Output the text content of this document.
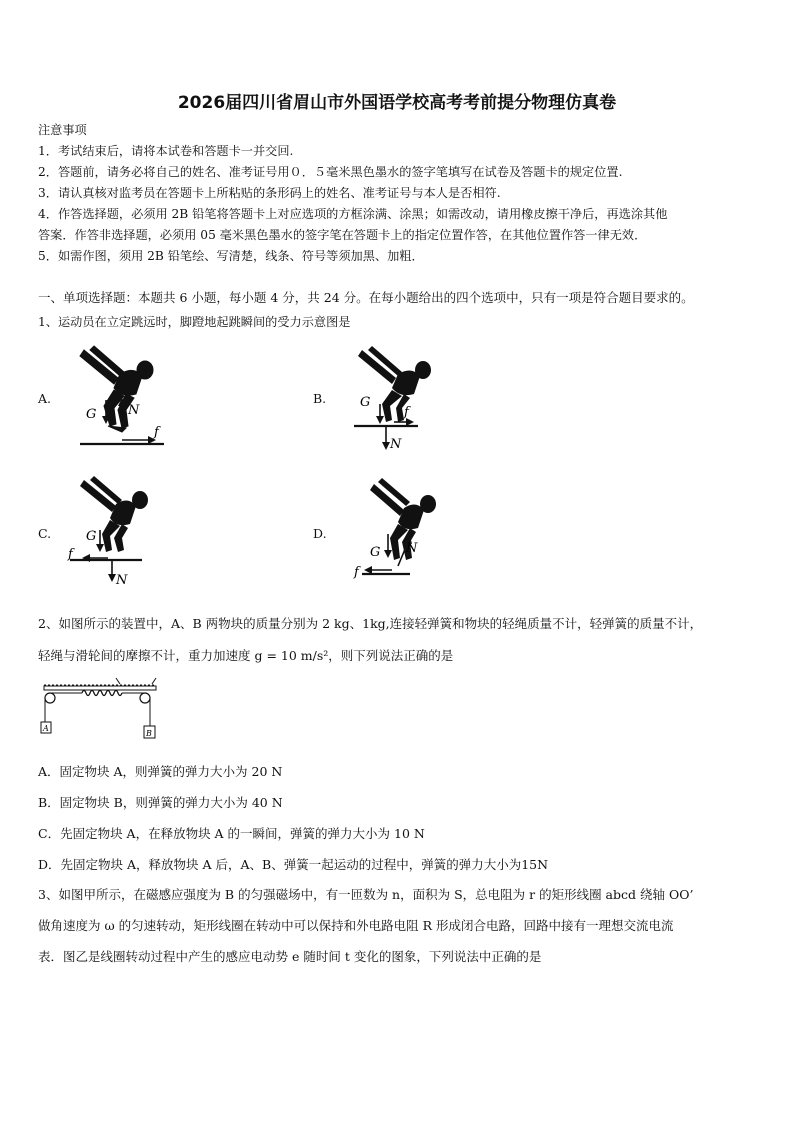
2026届四川省眉山市外国语学校高考考前提分物理仿真卷
注意事项
1．考试结束后，请将本试卷和答题卡一并交回.
2．答题前，请务必将自己的姓名、准考证号用０．５毫米黑色墨水的签字笔填写在试卷及答题卡的规定位置.
3．请认真核对监考员在答题卡上所粘贴的条形码上的姓名、准考证号与本人是否相符.
4．作答选择题，必须用 2B 铅笔将答题卡上对应选项的方框涂满、涂黑；如需改动，请用橡皮擦干净后，再选涂其他
答案．作答非选择题，必须用 05 毫米黑色墨水的签字笔在答题卡上的指定位置作答，在其他位置作答一律无效．
5．如需作图，须用 2B 铅笔绘、写清楚，线条、符号等须加黑、加粗．
一、单项选择题：本题共 6 小题，每小题 4 分，共 24 分。在每小题给出的四个选项中，只有一项是符合题目要求的。
1、运动员在立定跳远时，脚蹬地起跳瞬间的受力示意图是
A.	B.
C.	D.
G N
f
G
N
f
G
N
f	G N
f
2、如图所示的装置中，A、B 两物块的质量分别为 2 kg、1kg,连接轻弹簧和物块的轻绳质量不计，轻弹簧的质量不计，
轻绳与滑轮间的摩擦不计，重力加速度 g = 10 m/s²，则下列说法正确的是
A
B
A．固定物块 A，则弹簧的弹力大小为 20 N
B．固定物块 B，则弹簧的弹力大小为 40 N
C．先固定物块 A，在释放物块 A 的一瞬间，弹簧的弹力大小为 10 N
D．先固定物块 A，释放物块 A 后，A、B、弹簧一起运动的过程中，弹簧的弹力大小为15N
3、如图甲所示，在磁感应强度为 B 的匀强磁场中，有一匝数为 n，面积为 S，总电阻为 r 的矩形线圈 abcd 绕轴 OO’
做角速度为 ω 的匀速转动，矩形线圈在转动中可以保持和外电路电阻 R 形成闭合电路，回路中接有一理想交流电流
表．图乙是线圈转动过程中产生的感应电动势 e 随时间 t 变化的图象，下列说法中正确的是
